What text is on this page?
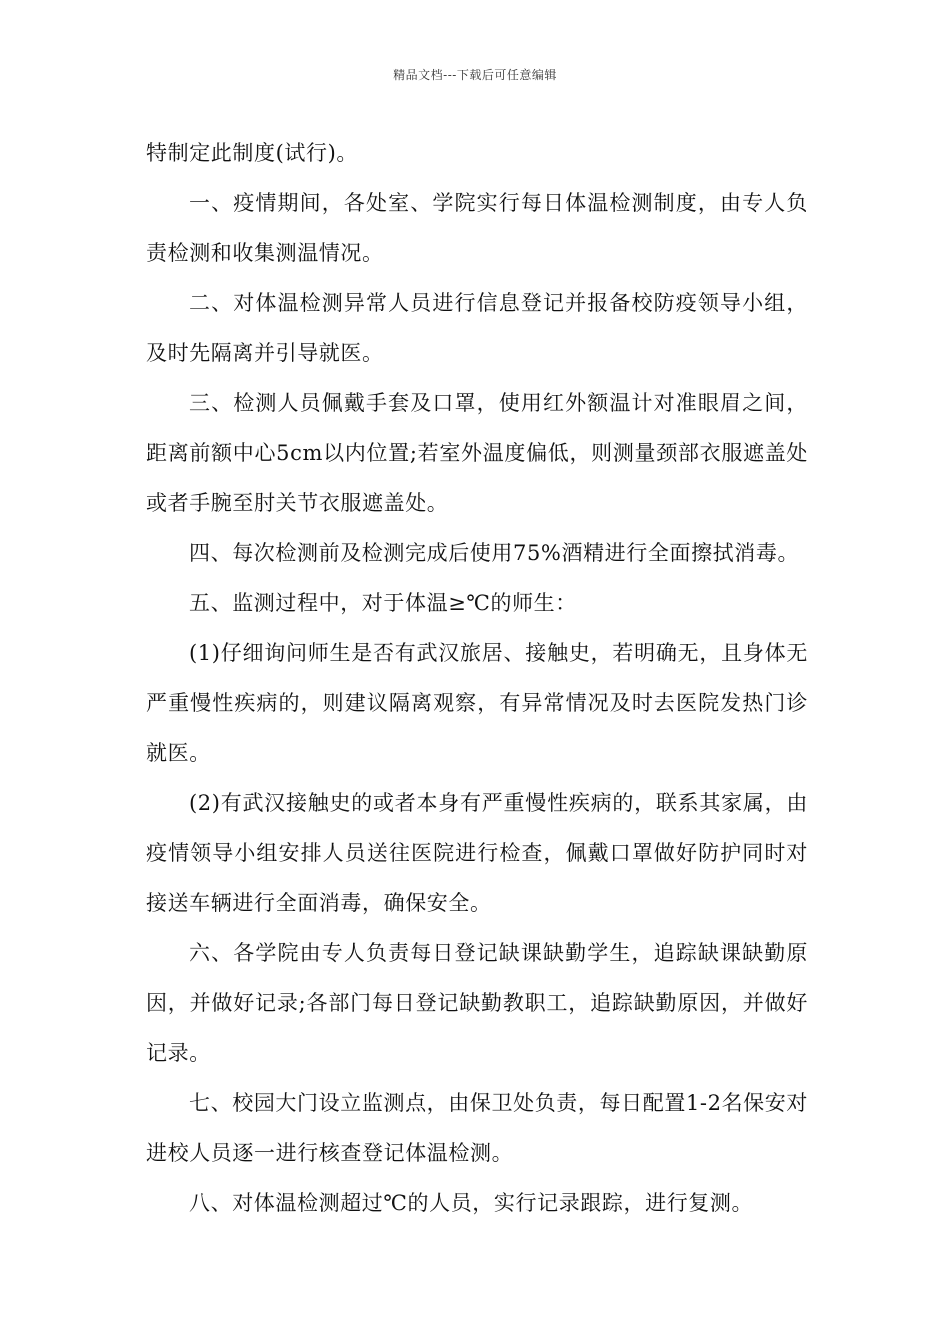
精品文档---下载后可任意编辑

特制定此制度(试行)。

一、疫情期间，各处室、学院实行每日体温检测制度，由专人负责检测和收集测温情况。

二、对体温检测异常人员进行信息登记并报备校防疫领导小组，及时先隔离并引导就医。

三、检测人员佩戴手套及口罩，使用红外额温计对准眼眉之间，距离前额中心5cm以内位置;若室外温度偏低，则测量颈部衣服遮盖处或者手腕至肘关节衣服遮盖处。

四、每次检测前及检测完成后使用75%酒精进行全面擦拭消毒。

五、监测过程中，对于体温≥℃的师生：

(1)仔细询问师生是否有武汉旅居、接触史，若明确无，且身体无严重慢性疾病的，则建议隔离观察，有异常情况及时去医院发热门诊就医。

(2)有武汉接触史的或者本身有严重慢性疾病的，联系其家属，由疫情领导小组安排人员送往医院进行检查，佩戴口罩做好防护同时对接送车辆进行全面消毒，确保安全。

六、各学院由专人负责每日登记缺课缺勤学生，追踪缺课缺勤原因，并做好记录;各部门每日登记缺勤教职工，追踪缺勤原因，并做好记录。

七、校园大门设立监测点，由保卫处负责，每日配置1-2名保安对进校人员逐一进行核查登记体温检测。

八、对体温检测超过℃的人员，实行记录跟踪，进行复测。
